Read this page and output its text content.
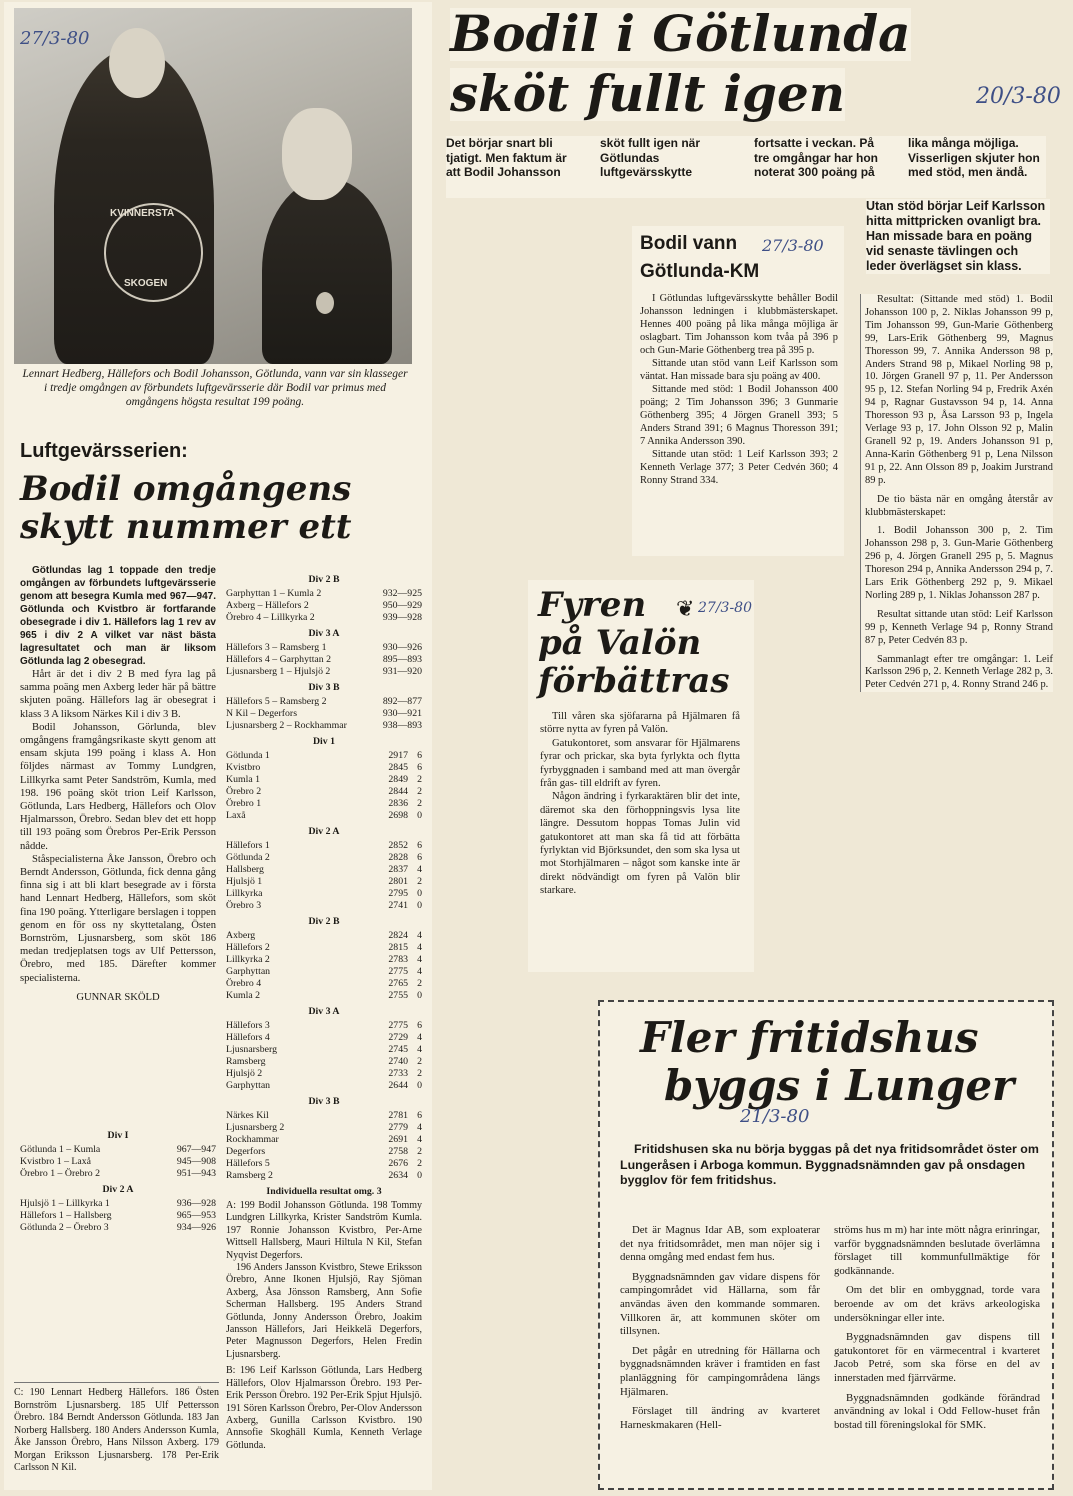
KVINNERSTA
SKOGEN
27/3-80
Lennart Hedberg, Hällefors och Bodil Johansson, Götlunda, vann var sin klasseger i tredje omgången av förbundets luftgevärsserie där Bodil var primus med omgångens högsta resultat 199 poäng.
Luftgevärsserien:
Bodil omgångens
skytt nummer ett

Götlundas lag 1 toppade den tredje omgången av förbundets luftgevärsserie genom att besegra Kumla med 967—947. Götlunda och Kvistbro är fortfarande obesegrade i div 1. Hällefors lag 1 rev av 965 i div 2 A vilket var näst bästa lagresultatet och man är liksom Götlunda lag 2 obesegrad.

Hårt är det i div 2 B med fyra lag på samma poäng men Axberg leder här på bättre skjuten poäng. Hällefors lag är obesegrat i klass 3 A liksom Närkes Kil i div 3 B.

Bodil Johansson, Görlunda, blev omgångens framgångsrikaste skytt genom att ensam skjuta 199 poäng i klass A. Hon följdes närmast av Tommy Lundgren, Lillkyrka samt Peter Sandström, Kumla, med 198. 196 poäng sköt trion Leif Karlsson, Götlunda, Lars Hedberg, Hällefors och Olov Hjalmarsson, Örebro. Sedan blev det ett hopp till 193 poäng som Örebros Per-Erik Persson nådde.

Ståspecialisterna Åke Jansson, Örebro och Berndt Andersson, Götlunda, fick denna gång finna sig i att bli klart besegrade av i första hand Lennart Hedberg, Hällefors, som sköt fina 190 poäng. Ytterligare berslagen i toppen genom en för oss ny skyttetalang, Östen Bornström, Ljusnarsberg, som sköt 186 medan tredjeplatsen togs av Ulf Pettersson, Örebro, med 185. Därefter kommer specialisterna.

GUNNAR SKÖLD
Div I
Götlunda 1 – Kumla	967—947
Kvistbro 1 – Laxå	945—908
Örebro 1 – Örebro 2	951—943
Div 2 A
Hjulsjö 1 – Lillkyrka 1	936—928
Hällefors 1 – Hallsberg	965—953
Götlunda 2 – Örebro 3	934—926
C: 190 Lennart Hedberg Hällefors. 186 Östen Bornström Ljusnarsberg. 185 Ulf Pettersson Örebro. 184 Berndt Andersson Götlunda. 183 Jan Norberg Hallsberg. 180 Anders Andersson Kumla, Åke Jansson Örebro, Hans Nilsson Axberg. 179 Morgan Eriksson Ljusnarsberg. 178 Per-Erik Carlsson N Kil.
Div 2 B
Garphyttan 1 – Kumla 2	932—925
Axberg – Hällefors 2	950—929
Örebro 4 – Lillkyrka 2	939—928
Div 3 A
Hällefors 3 – Ramsberg 1	930—926
Hällefors 4 – Garphyttan 2	895—893
Ljusnarsberg 1 – Hjulsjö 2	931—920
Div 3 B
Hällefors 5 – Ramsberg 2	892—877
N Kil – Degerfors	930—921
Ljusnarsberg 2 – Rockhammar	938—893
Div 1
Götlunda 1	2917 6
Kvistbro	2845 6
Kumla 1	2849 2
Örebro 2	2844 2
Örebro 1	2836 2
Laxå	2698 0
Div 2 A
Hällefors 1	2852 6
Götlunda 2	2828 6
Hallsberg	2837 4
Hjulsjö 1	2801 2
Lillkyrka	2795 0
Örebro 3	2741 0
Div 2 B
Axberg	2824 4
Hällefors 2	2815 4
Lillkyrka 2	2783 4
Garphyttan	2775 4
Örebro 4	2765 2
Kumla 2	2755 0
Div 3 A
Hällefors 3	2775 6
Hällefors 4	2729 4
Ljusnarsberg	2745 4
Ramsberg	2740 2
Hjulsjö 2	2733 2
Garphyttan	2644 0
Div 3 B
Närkes Kil	2781 6
Ljusnarsberg 2	2779 4
Rockhammar	2691 4
Degerfors	2758 2
Hällefors 5	2676 2
Ramsberg 2	2634 0
Individuella resultat omg. 3
A: 199 Bodil Johansson Götlunda. 198 Tommy Lundgren Lillkyrka, Krister Sandström Kumla. 197 Ronnie Johansson Kvistbro, Per-Arne Wittsell Hallsberg, Mauri Hiltula N Kil, Stefan Nyqvist Degerfors.
196 Anders Jansson Kvistbro, Stewe Eriksson Örebro, Anne Ikonen Hjulsjö, Ray Sjöman Axberg, Åsa Jönsson Ramsberg, Ann Sofie Scherman Hallsberg. 195 Anders Strand Götlunda, Jonny Andersson Örebro, Joakim Jansson Hällefors, Jari Heikkelä Degerfors, Peter Magnusson Degerfors, Helen Fredin Ljusnarsberg.
B: 196 Leif Karlsson Götlunda, Lars Hedberg Hällefors, Olov Hjalmarsson Örebro. 193 Per-Erik Persson Örebro. 192 Per-Erik Spjut Hjulsjö. 191 Sören Karlsson Örebro, Per-Olov Andersson Axberg, Gunilla Carlsson Kvistbro. 190 Annsofie Skoghäll Kumla, Kenneth Verlage Götlunda.
Bodil i Götlunda
sköt fullt igen	20/3-80
Det börjar snart bli tjatigt. Men faktum är att Bodil Johansson sköt fullt igen när Götlundas luftgevärsskytte fortsatte i veckan. På tre omgångar har hon noterat 300 poäng på lika många möjliga. Visserligen skjuter hon med stöd, men ändå.
Utan stöd börjar Leif Karlsson hitta mittpricken ovanligt bra. Han missade bara en poäng vid senaste tävlingen och leder överlägset sin klass.

Resultat: (Sittande med stöd) 1. Bodil Johansson 100 p, 2. Niklas Johansson 99 p, Tim Johansson 99, Gun-Marie Göthenberg 99, Lars-Erik Göthenberg 99, Magnus Thoresson 99, 7. Annika Andersson 98 p, Anders Strand 98 p, Mikael Norling 98 p, 10. Jörgen Granell 97 p, 11. Per Andersson 95 p, 12. Stefan Norling 94 p, Fredrik Axén 94 p, Ragnar Gustavsson 94 p, 14. Anna Thoresson 93 p, Åsa Larsson 93 p, Ingela Verlage 93 p, 17. John Olsson 92 p, Malin Granell 92 p, 19. Anders Johansson 91 p, Anna-Karin Göthenberg 91 p, Lena Nilsson 91 p, 22. Ann Olsson 89 p, Joakim Jurstrand 89 p.

De tio bästa när en omgång återstår av klubbmästerskapet:

1. Bodil Johansson 300 p, 2. Tim Johansson 298 p, 3. Gun-Marie Göthenberg 296 p, 4. Jörgen Granell 295 p, 5. Magnus Thoreson 294 p, Annika Andersson 294 p, 7. Lars Erik Göthenberg 292 p, 9. Mikael Norling 289 p, 1. Niklas Johansson 287 p.

Resultat sittande utan stöd: Leif Karlsson 99 p, Kenneth Verlage 94 p, Ronny Strand 87 p, Peter Cedvén 83 p.

Sammanlagt efter tre omgångar: 1. Leif Karlsson 296 p, 2. Kenneth Verlage 282 p, 3. Peter Cedvén 271 p, 4. Ronny Strand 246 p.

Bodil vann
Götlunda-KM
27/3-80

I Götlundas luftgevärsskytte behåller Bodil Johansson ledningen i klubbmästerskapet. Hennes 400 poäng på lika många möjliga är oslagbart. Tim Johansson kom tvåa på 396 p och Gun-Marie Göthenberg trea på 395 p.

Sittande utan stöd vann Leif Karlsson som väntat. Han missade bara sju poäng av 400.

Sittande med stöd: 1 Bodil Johansson 400 poäng; 2 Tim Johansson 396; 3 Gunmarie Göthenberg 395; 4 Jörgen Granell 393; 5 Anders Strand 391; 6 Magnus Thoresson 391; 7 Annika Andersson 390.

Sittande utan stöd: 1 Leif Karlsson 393; 2 Kenneth Verlage 377; 3 Peter Cedvén 360; 4 Ronny Strand 334.

Fyren
på Valön
förbättras
❦ 27/3-80

Till våren ska sjöfararna på Hjälmaren få större nytta av fyren på Valön.

Gatukontoret, som ansvarar för Hjälmarens fyrar och prickar, ska byta fyrlykta och flytta fyrbyggnaden i samband med att man övergår från gas- till eldrift av fyren.

Någon ändring i fyrkaraktären blir det inte, däremot ska den förhoppningsvis lysa lite längre. Dessutom hoppas Tomas Julin vid gatukontoret att man ska få tid att förbätta fyrlyktan vid Björksundet, den som ska lysa ut mot Storhjälmaren – något som kanske inte är direkt nödvändigt om fyren på Valön blir starkare.

Fler fritidshus
byggs i Lunger
21/3-80
Fritidshusen ska nu börja byggas på det nya fritidsområdet öster om Lungeråsen i Arboga kommun. Byggnadsnämnden gav på onsdagen bygglov för fem fritidshus.

Det är Magnus Idar AB, som exploaterar det nya fritidsområdet, men man nöjer sig i denna omgång med endast fem hus.

Byggnadsnämnden gav vidare dispens för campingområdet vid Hällarna, som får användas även den kommande sommaren. Villkoren är, att kommunen sköter om tillsynen.

Det pågår en utredning för Hällarna och byggnadsnämnden kräver i framtiden en fast planläggning för campingområdena längs Hjälmaren.

Förslaget till ändring av kvarteret Harneskmakaren (Hell-

ströms hus m m) har inte mött några erinringar, varför byggnadsnämnden beslutade överlämna förslaget till kommunfullmäktige för godkännande.

Om det blir en ombyggnad, torde vara beroende av om det krävs arkeologiska undersökningar eller inte.

Byggnadsnämnden gav dispens till gatukontoret för en värmecentral i kvarteret Jacob Petré, som ska förse en del av innerstaden med fjärrvärme.

Byggnadsnämnden godkände förändrad användning av lokal i Odd Fellow-huset från bostad till föreningslokal för SMK.
